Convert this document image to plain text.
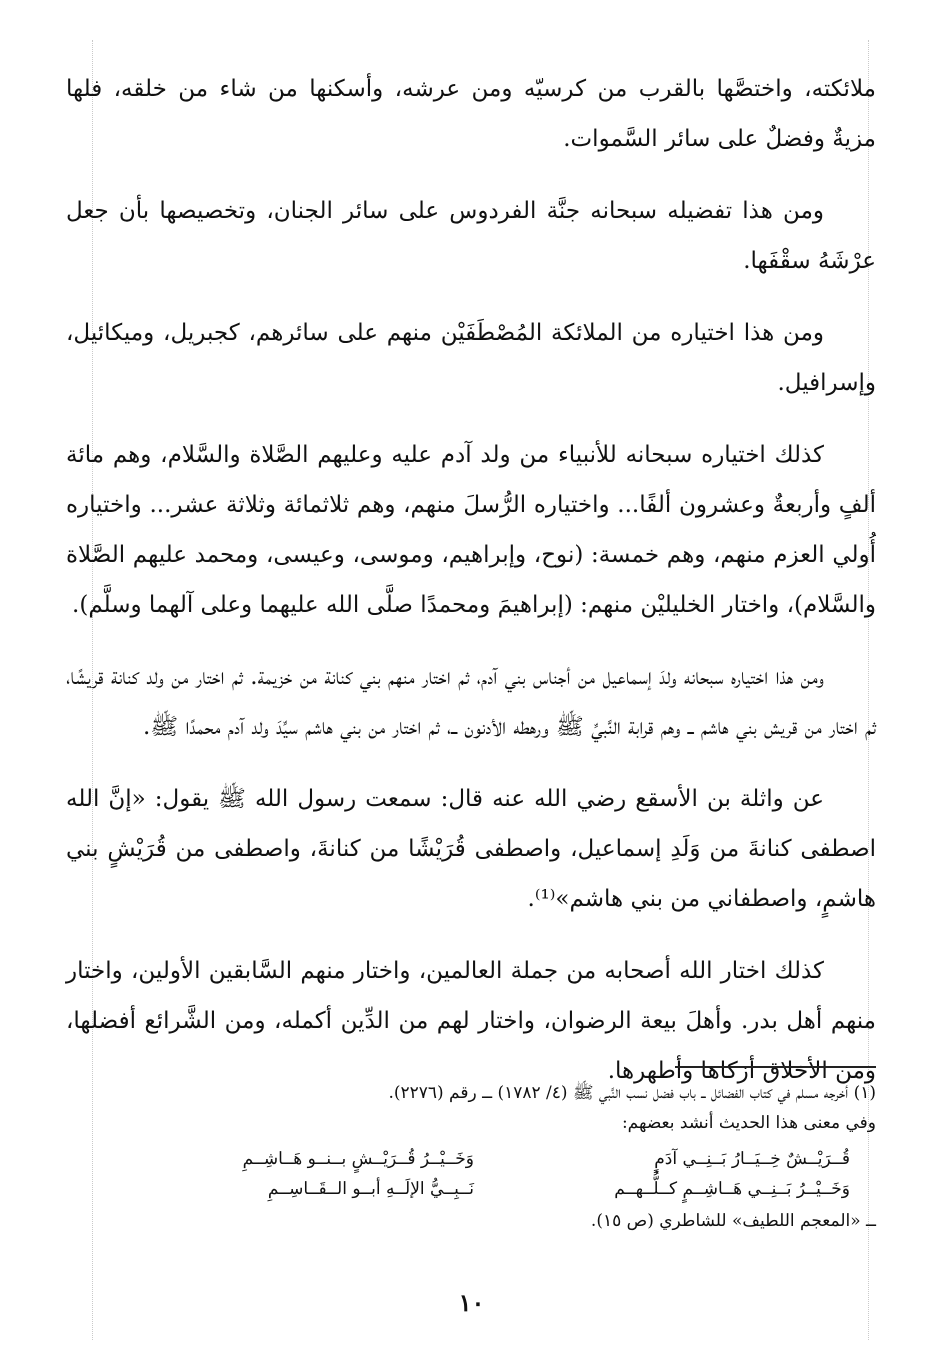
ملائكته، واختصَّها بالقرب من كرسيّه ومن عرشه، وأسكنها من شاء من خلقه، فلها مزيةٌ وفضلٌ على سائر السَّموات.

ومن هذا تفضيله سبحانه جنَّة الفردوس على سائر الجنان، وتخصيصها بأن جعل عرْشَهُ سقْفَها.

ومن هذا اختياره من الملائكة المُصْطَفَيْن منهم على سائرهم، كجبريل، وميكائيل، وإسرافيل.

كذلك اختياره سبحانه للأنبياء من ولد آدم عليه وعليهم الصَّلاة والسَّلام، وهم مائة ألفٍ وأربعةٌ وعشرون ألفًا... واختياره الرُّسلَ منهم، وهم ثلاثمائة وثلاثة عشر... واختياره أُولي العزم منهم، وهم خمسة: (نوح، وإبراهيم، وموسى، وعيسى، ومحمد عليهم الصَّلاة والسَّلام)، واختار الخليليْن منهم: (إبراهيمَ ومحمدًا صلَّى الله عليهما وعلى آلهما وسلَّم).

ومن هذا اختياره سبحانه ولدَ إسماعيل من أجناس بني آدم، ثم اختار منهم بني كنانة من خزيمة. ثم اختار من ولد كنانة قريشًا، ثم اختار من قريش بني هاشم ــ وهم قرابة النَّبيِّ ﷺ ورهطه الأدنون ــ، ثم اختار من بني هاشم سيِّدَ ولد آدم محمدًا ﷺ.

عن واثلة بن الأسقع رضي الله عنه قال: سمعت رسول الله ﷺ يقول: «إنَّ الله اصطفى كنانةَ من وَلَدِ إسماعيل، واصطفى قُرَيْشًا من كنانةَ، واصطفى من قُرَيْشٍ بني هاشمٍ، واصطفاني من بني هاشم»⁽¹⁾.

كذلك اختار الله أصحابه من جملة العالمين، واختار منهم السَّابقين الأولين، واختار منهم أهل بدر. وأهلَ بيعة الرضوان، واختار لهم من الدِّين أكمله، ومن الشَّرائع أفضلها، ومن الأخلاق أزكاها وأطهرها.

(١) أخرجه مسلم في كتاب الفضائل ــ باب فضل نسب النَّبي ﷺ (٤/ ١٧٨٢) ــ رقم (٢٢٧٦).

وفي معنى هذا الحديث أنشد بعضهم:

قُــرَيْــشٌ خِــيَــارُ بَــنِــي آدَمٍ
وَخَــيْــرُ قُــرَيْــشٍ بــنــو هَــاشِــمِ
وَخَــيْــرُ بَــنِــي هَــاشِــمٍ كــلُّــهــم
نَــبِــيُّ الإلَــهِ أبــو الــقَــاسِــمِ

ــ «المعجم اللطيف» للشاطري (ص ١٥).

١٠
